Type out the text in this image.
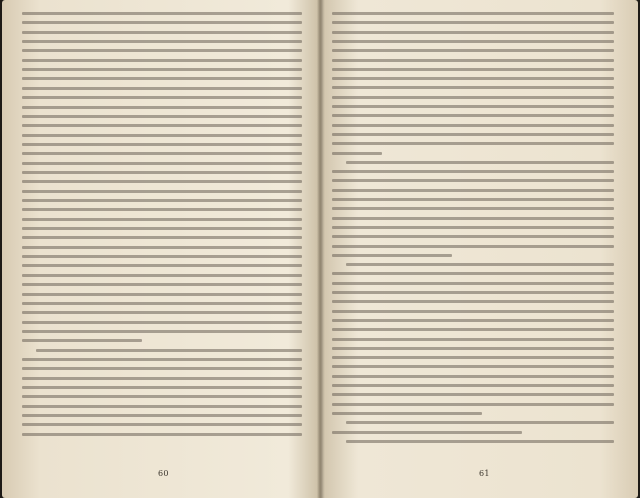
60	61
